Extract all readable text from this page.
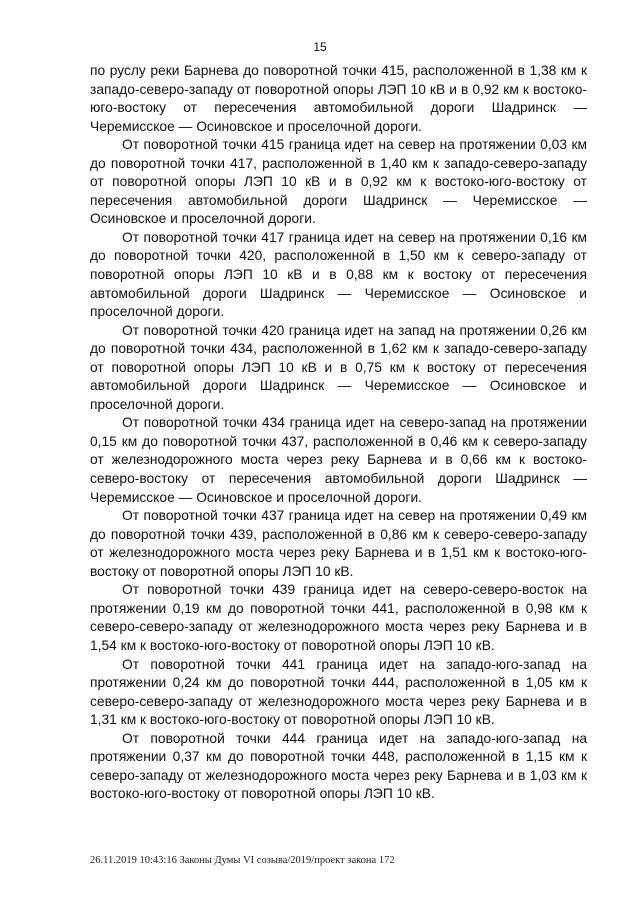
15

по руслу реки Барнева до поворотной точки 415, расположенной в 1,38 км к западо-северо-западу от поворотной опоры ЛЭП 10 кВ и в 0,92 км к востоко-юго-востоку от пересечения автомобильной дороги Шадринск — Черемисское — Осиновское и проселочной дороги.

От поворотной точки 415 граница идет на север на протяжении 0,03 км до поворотной точки 417, расположенной в 1,40 км к западо-северо-западу от поворотной опоры ЛЭП 10 кВ и в 0,92 км к востоко-юго-востоку от пересечения автомобильной дороги Шадринск — Черемисское — Осиновское и проселочной дороги.

От поворотной точки 417 граница идет на север на протяжении 0,16 км до поворотной точки 420, расположенной в 1,50 км к северо-западу от поворотной опоры ЛЭП 10 кВ и в 0,88 км к востоку от пересечения автомобильной дороги Шадринск — Черемисское — Осиновское и проселочной дороги.

От поворотной точки 420 граница идет на запад на протяжении 0,26 км до поворотной точки 434, расположенной в 1,62 км к западо-северо-западу от поворотной опоры ЛЭП 10 кВ и в 0,75 км к востоку от пересечения автомобильной дороги Шадринск — Черемисское — Осиновское и проселочной дороги.

От поворотной точки 434 граница идет на северо-запад на протяжении 0,15 км до поворотной точки 437, расположенной в 0,46 км к северо-западу от железнодорожного моста через реку Барнева и в 0,66 км к востоко-северо-востоку от пересечения автомобильной дороги Шадринск — Черемисское — Осиновское и проселочной дороги.

От поворотной точки 437 граница идет на север на протяжении 0,49 км до поворотной точки 439, расположенной в 0,86 км к северо-северо-западу от железнодорожного моста через реку Барнева и в 1,51 км к востоко-юго-востоку от поворотной опоры ЛЭП 10 кВ.

От поворотной точки 439 граница идет на северо-северо-восток на протяжении 0,19 км до поворотной точки 441, расположенной в 0,98 км к северо-северо-западу от железнодорожного моста через реку Барнева и в 1,54 км к востоко-юго-востоку от поворотной опоры ЛЭП 10 кВ.

От поворотной точки 441 граница идет на западо-юго-запад на протяжении 0,24 км до поворотной точки 444, расположенной в 1,05 км к северо-северо-западу от железнодорожного моста через реку Барнева и в 1,31 км к востоко-юго-востоку от поворотной опоры ЛЭП 10 кВ.

От поворотной точки 444 граница идет на западо-юго-запад на протяжении 0,37 км до поворотной точки 448, расположенной в 1,15 км к северо-западу от железнодорожного моста через реку Барнева и в 1,03 км к востоко-юго-востоку от поворотной опоры ЛЭП 10 кВ.

26.11.2019 10:43:16 Законы Думы VI созыва/2019/проект закона 172
